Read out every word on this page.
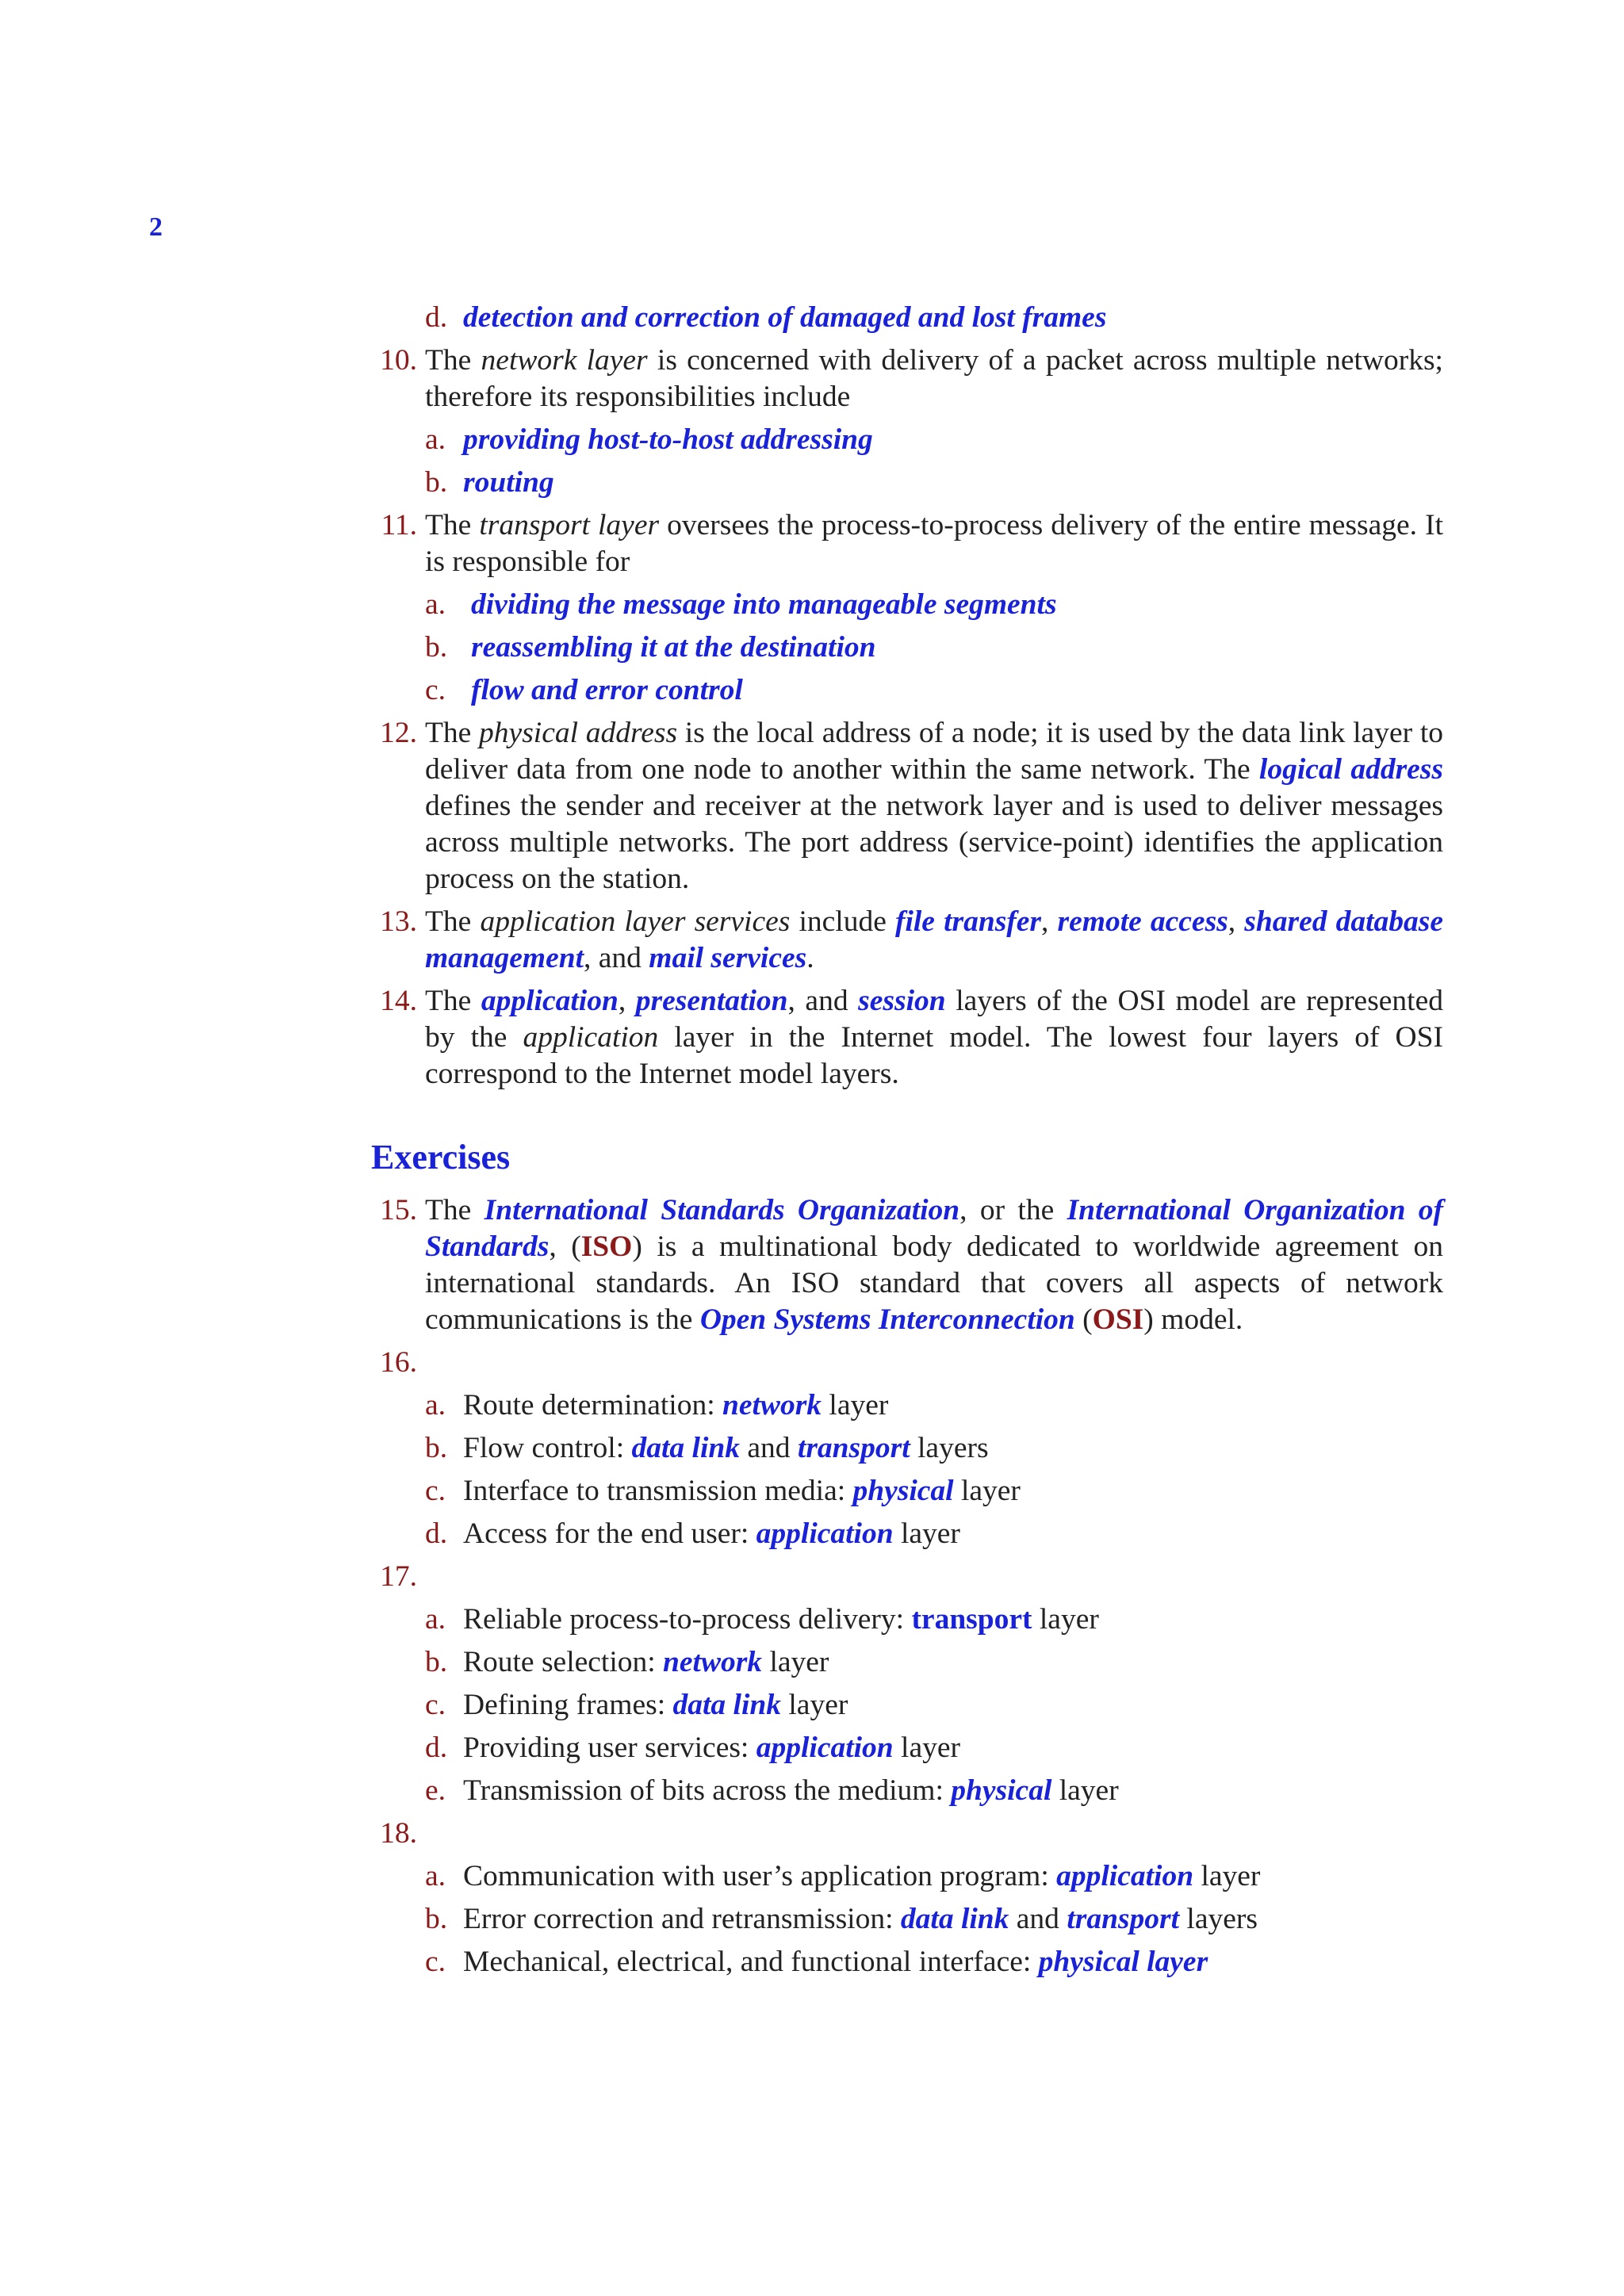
2
d. detection and correction of damaged and lost frames
10. The network layer is concerned with delivery of a packet across multiple networks; therefore its responsibilities include
a. providing host-to-host addressing
b. routing
11. The transport layer oversees the process-to-process delivery of the entire message. It is responsible for
a. dividing the message into manageable segments
b. reassembling it at the destination
c. flow and error control
12. The physical address is the local address of a node; it is used by the data link layer to deliver data from one node to another within the same network. The logical address defines the sender and receiver at the network layer and is used to deliver messages across multiple networks. The port address (service-point) identifies the application process on the station.
13. The application layer services include file transfer, remote access, shared database management, and mail services.
14. The application, presentation, and session layers of the OSI model are represented by the application layer in the Internet model. The lowest four layers of OSI correspond to the Internet model layers.
Exercises
15. The International Standards Organization, or the International Organization of Standards, (ISO) is a multinational body dedicated to worldwide agreement on international standards. An ISO standard that covers all aspects of network communications is the Open Systems Interconnection (OSI) model.
16.

a. Route determination: network layer
b. Flow control: data link and transport layers
c. Interface to transmission media: physical layer
d. Access for the end user: application layer
17.

a. Reliable process-to-process delivery: transport layer
b. Route selection: network layer
c. Defining frames: data link layer
d. Providing user services: application layer
e. Transmission of bits across the medium: physical layer
18.

a. Communication with user’s application program: application layer
b. Error correction and retransmission: data link and transport layers
c. Mechanical, electrical, and functional interface: physical layer
